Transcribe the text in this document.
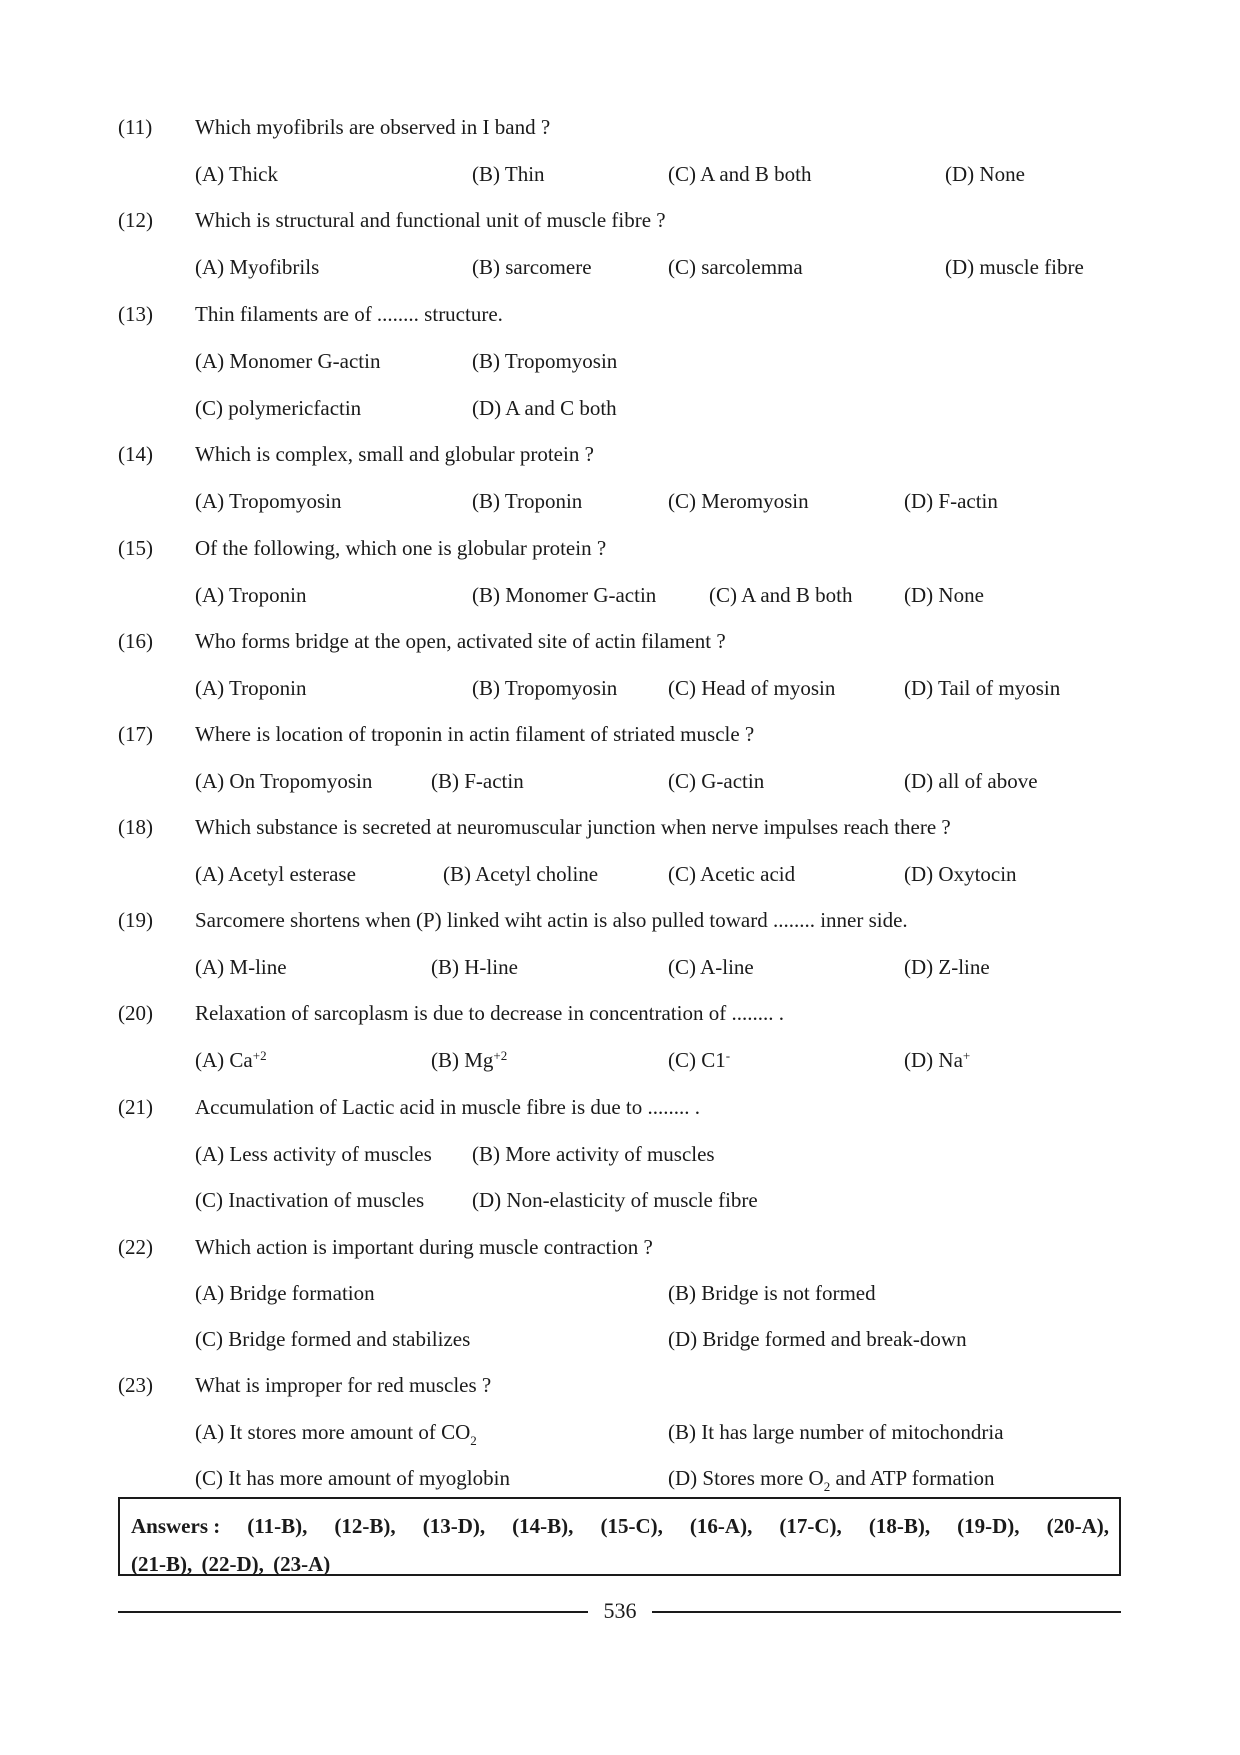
(11) Which myofibrils are observed in I band ?
(A) Thick	(B) Thin	(C) A and B both	(D) None
(12) Which is structural and functional unit of muscle fibre ?
(A) Myofibrils	(B) sarcomere	(C) sarcolemma	(D) muscle fibre
(13) Thin filaments are of ........ structure.
(A) Monomer G-actin	(B) Tropomyosin
(C) polymericfactin	(D) A and C both
(14) Which is complex, small and globular protein ?
(A) Tropomyosin	(B) Troponin	(C) Meromyosin	(D) F-actin
(15) Of the following, which one is globular protein ?
(A) Troponin	(B) Monomer G-actin	(C) A and B both (D) None
(16) Who forms bridge at the open, activated site of actin filament ?
(A) Troponin	(B) Tropomyosin (C) Head of myosin	(D) Tail of myosin
(17) Where is location of troponin in actin filament of striated muscle ?
(A) On Tropomyosin	(B) F-actin	(C) G-actin	(D) all of above
(18) Which substance is secreted at neuromuscular junction when nerve impulses reach there ?
(A) Acetyl esterase	(B) Acetyl choline	(C) Acetic acid	(D) Oxytocin
(19) Sarcomere shortens when (P) linked wiht actin is also pulled toward ........ inner side.
(A) M-line	(B) H-line	(C) A-line	(D) Z-line
(20) Relaxation of sarcoplasm is due to decrease in concentration of ........ .
(A) $Ca^{+2}$	(B) $Mg^{+2}$	(C) C1-	(D) Na+
(21) Accumulation of Lactic acid in muscle fibre is due to ........ .
(A) Less activity of muscles (B) More activity of muscles
(C) Inactivation of muscles (D) Non-elasticity of muscle fibre
(22) Which action is important during muscle contraction ?
(A) Bridge formation	(B) Bridge is not formed
(C) Bridge formed and stabilizes	(D) Bridge formed and break-down
(23) What is improper for red muscles ?
(A) It stores more amount of $CO_2$	(B) It has large number of mitochondria
(C) It has more amount of myoglobin	(D) Stores more $O_2$ and ATP formation
Answers : (11-B), (12-B), (13-D), (14-B), (15-C), (16-A), (17-C), (18-B), (19-D), (20-A),
(21-B), (22-D), (23-A)
536
